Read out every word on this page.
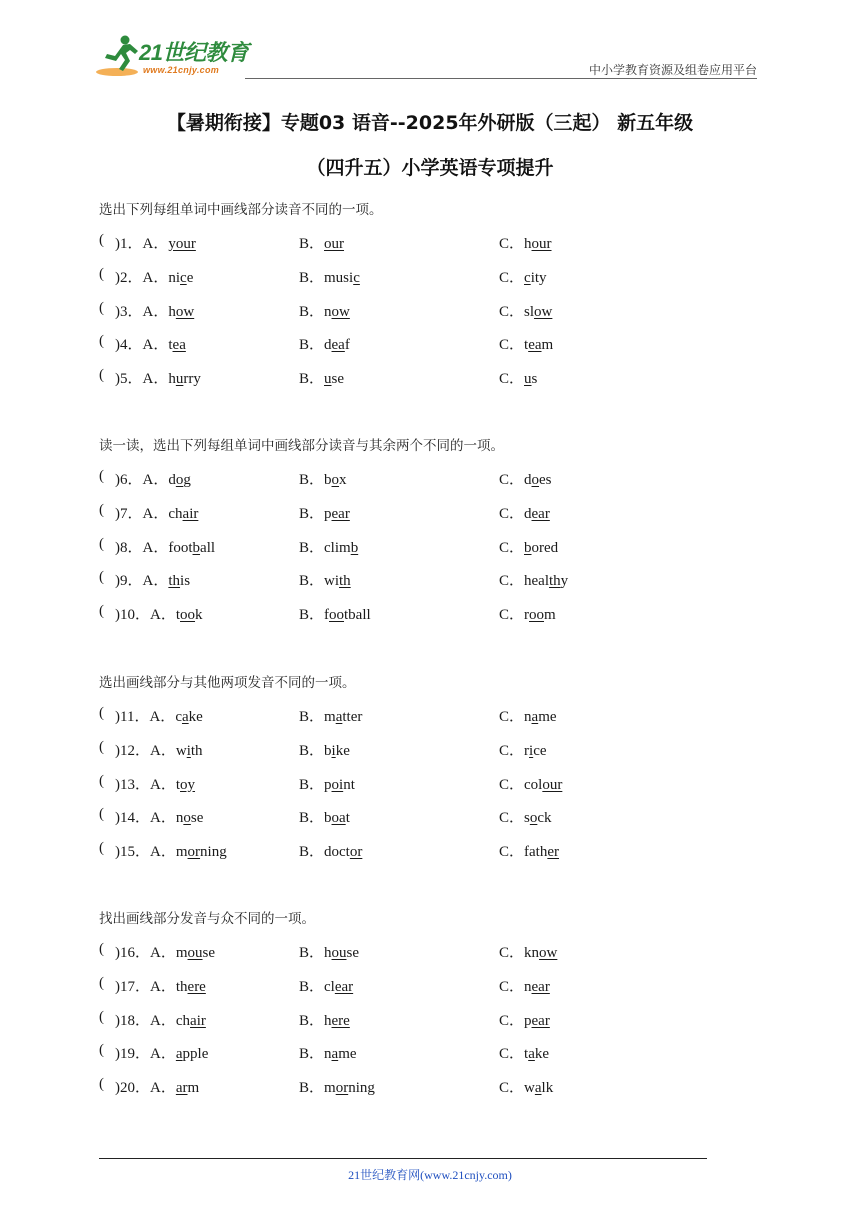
21世纪教育
www.21cnjy.com	中小学教育资源及组卷应用平台
【暑期衔接】专题03 语音--2025年外研版（三起） 新五年级
（四升五）小学英语专项提升
选出下列每组单词中画线部分读音不同的一项。
( )1．A．your	B．our	C．hour
( )2．A．nice	B．music	C．city
( )3．A．how	B．now	C．slow
( )4．A．tea	B．deaf	C．team
( )5．A．hurry	B．use	C．us
读一读，选出下列每组单词中画线部分读音与其余两个不同的一项。
( )6．A．dog	B．box	C．does
( )7．A．chair	B．pear	C．dear
( )8．A．football	B．climb	C．bored
( )9．A．this	B．with	C．healthy
( )10．A．took	B．football	C．room
选出画线部分与其他两项发音不同的一项。
( )11．A．cake	B．matter	C．name
( )12．A．with	B．bike	C．rice
( )13．A．toy	B．point	C．colour
( )14．A．nose	B．boat	C．sock
( )15．A．morning	B．doctor	C．father
找出画线部分发音与众不同的一项。
( )16．A．mouse	B．house	C．know
( )17．A．there	B．clear	C．near
( )18．A．chair	B．here	C．pear
( )19．A．apple	B．name	C．take
( )20．A．arm	B．morning	C．walk
21世纪教育网(www.21cnjy.com)
